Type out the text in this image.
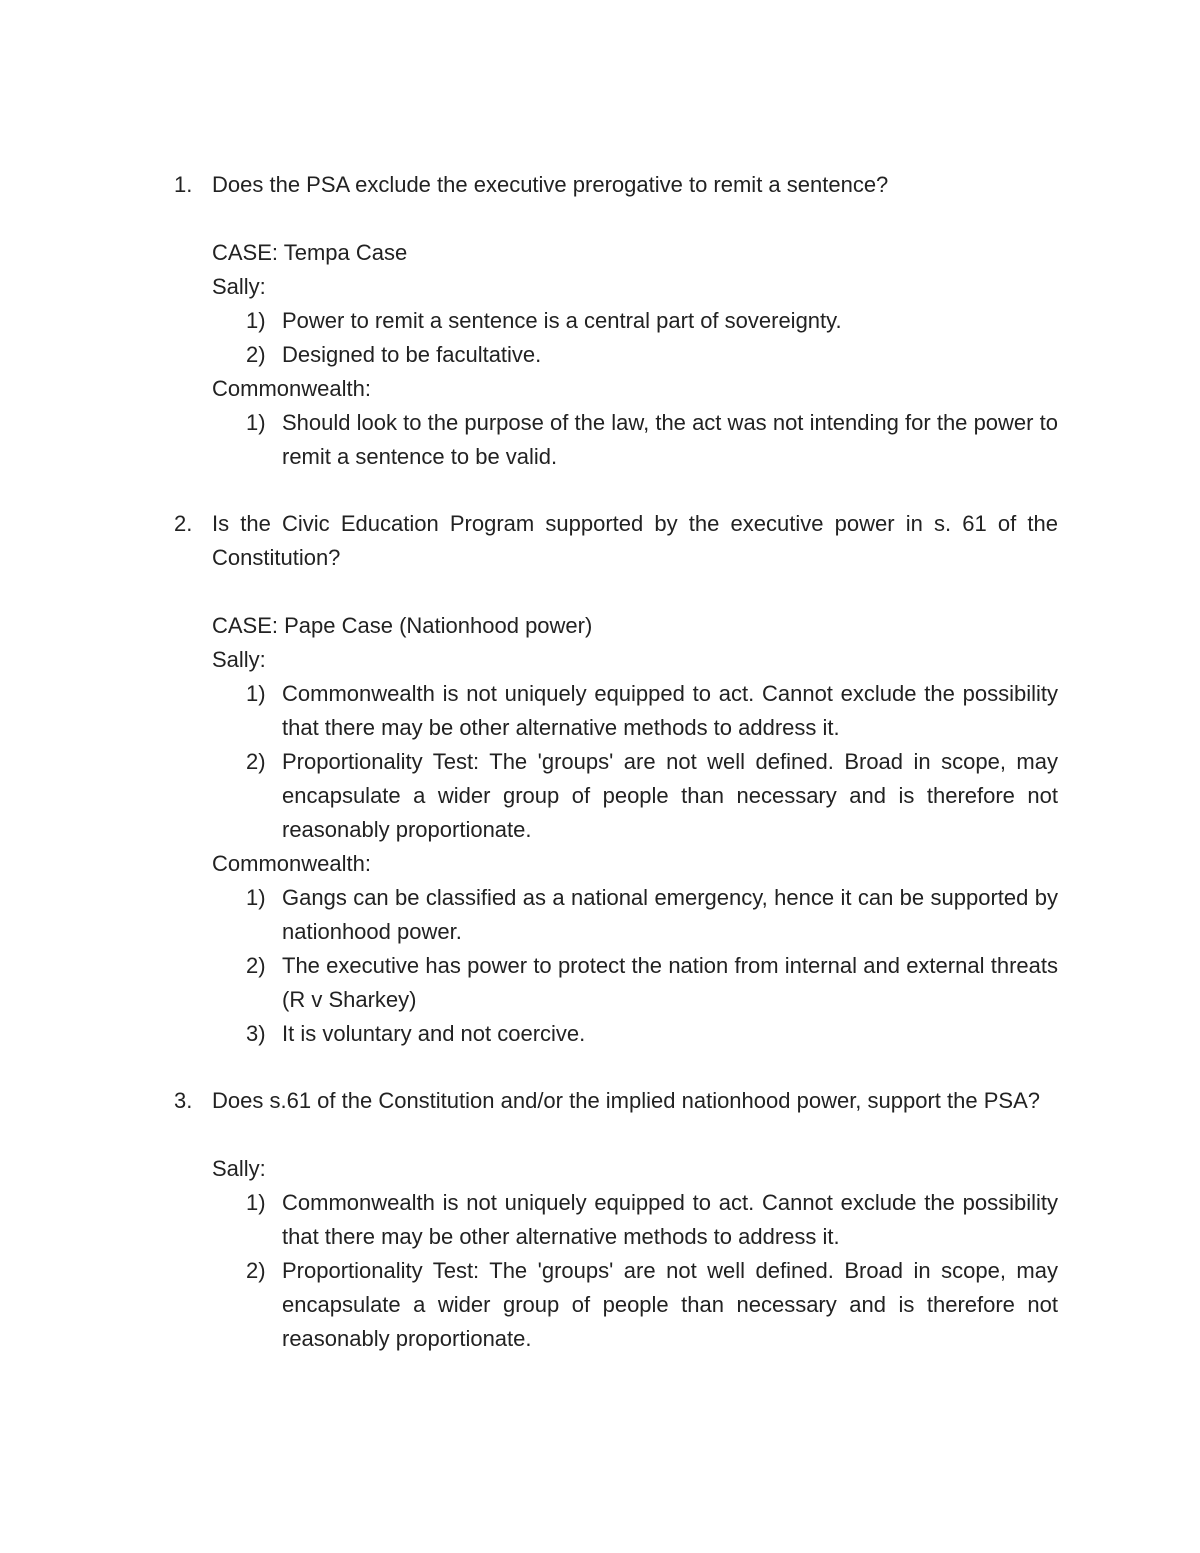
1. Does the PSA exclude the executive prerogative to remit a sentence?
CASE: Tempa Case
Sally:
1) Power to remit a sentence is a central part of sovereignty.
2) Designed to be facultative.
Commonwealth:
1) Should look to the purpose of the law, the act was not intending for the power to remit a sentence to be valid.
2. Is the Civic Education Program supported by the executive power in s. 61 of the Constitution?
CASE: Pape Case (Nationhood power)
Sally:
1) Commonwealth is not uniquely equipped to act. Cannot exclude the possibility that there may be other alternative methods to address it.
2) Proportionality Test: The 'groups' are not well defined. Broad in scope, may encapsulate a wider group of people than necessary and is therefore not reasonably proportionate.
Commonwealth:
1) Gangs can be classified as a national emergency, hence it can be supported by nationhood power.
2) The executive has power to protect the nation from internal and external threats (R v Sharkey)
3) It is voluntary and not coercive.
3. Does s.61 of the Constitution and/or the implied nationhood power, support the PSA?
Sally:
1) Commonwealth is not uniquely equipped to act. Cannot exclude the possibility that there may be other alternative methods to address it.
2) Proportionality Test: The 'groups' are not well defined. Broad in scope, may encapsulate a wider group of people than necessary and is therefore not reasonably proportionate.
